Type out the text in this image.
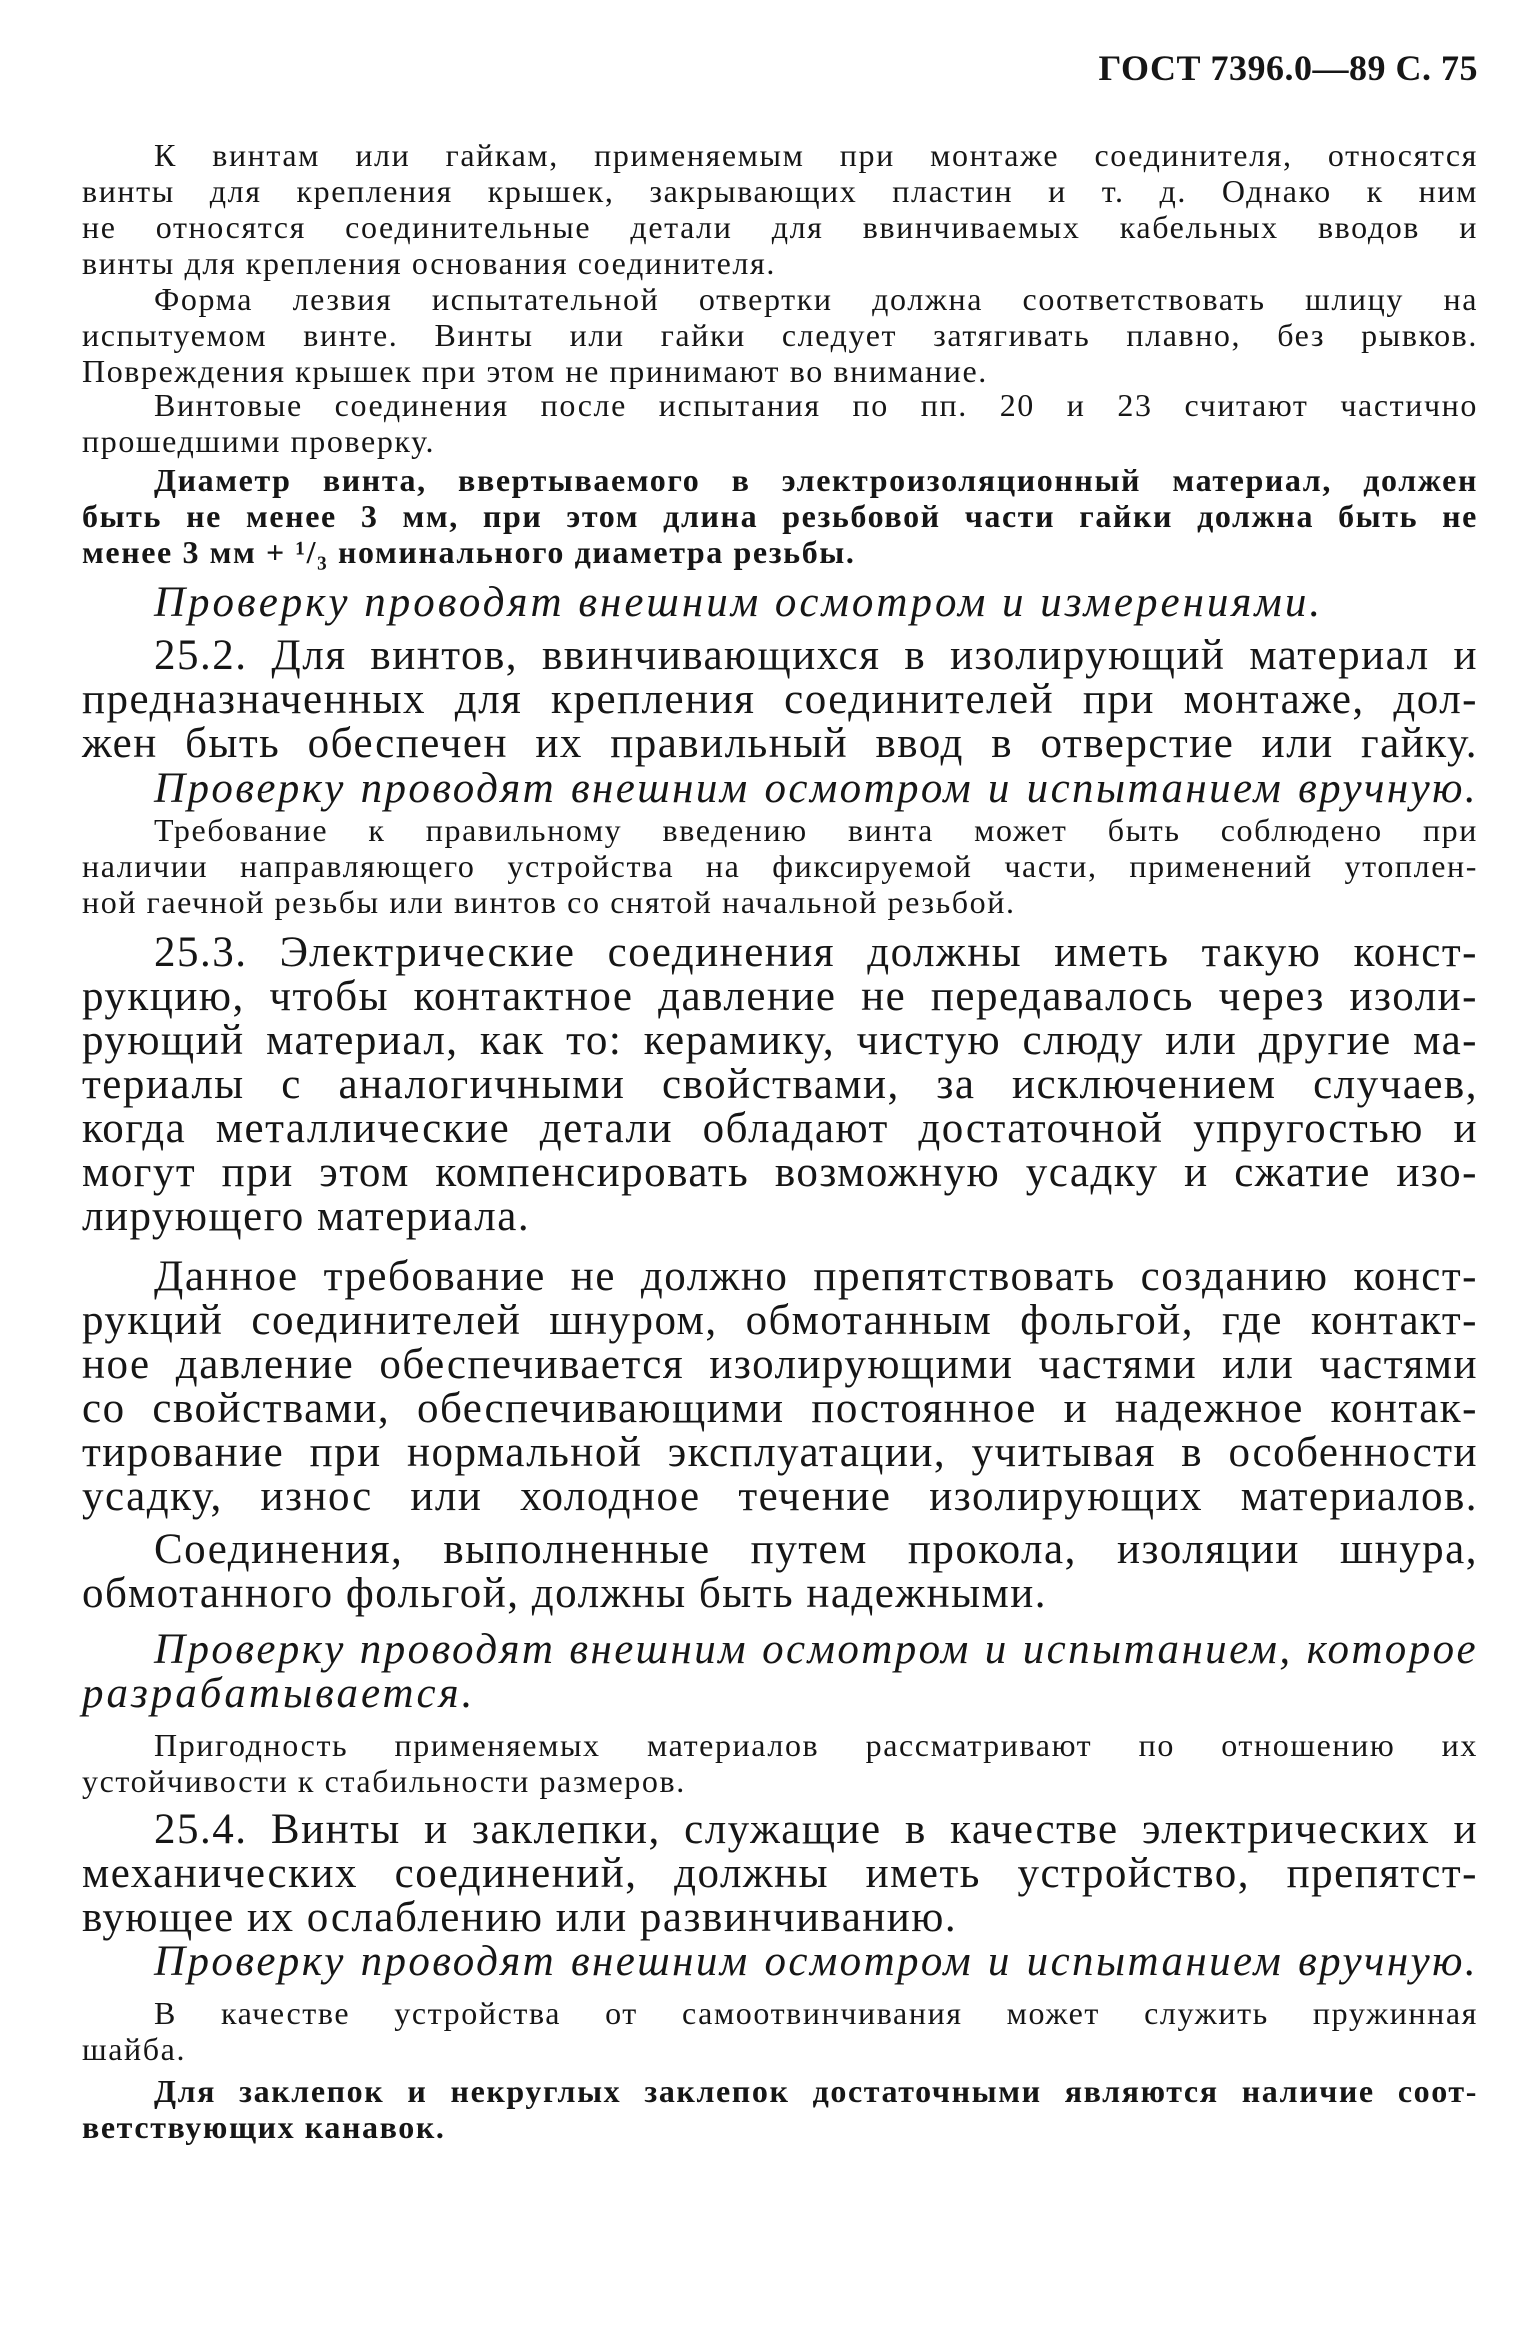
ГОСТ 7396.0—89 С. 75
К винтам или гайкам, применяемым при монтаже соединителя, относятся
винты для крепления крышек, закрывающих пластин и т. д. Однако к ним
не относятся соединительные детали для ввинчиваемых кабельных вводов и
винты для крепления основания соединителя.
Форма лезвия испытательной отвертки должна соответствовать шлицу на
испытуемом винте. Винты или гайки следует затягивать плавно, без рывков.
Повреждения крышек при этом не принимают во внимание.
Винтовые соединения после испытания по пп. 20 и 23 считают частично
прошедшими проверку.
Диаметр винта, ввертываемого в электроизоляционный материал, должен
быть не менее 3 мм, при этом длина резьбовой части гайки должна быть не
менее 3 мм + ¹/₃ номинального диаметра резьбы.
Проверку проводят внешним осмотром и измерениями.
25.2. Для винтов, ввинчивающихся в изолирующий материал и
предназначенных для крепления соединителей при монтаже, дол-
жен быть обеспечен их правильный ввод в отверстие или гайку.
Проверку проводят внешним осмотром и испытанием вручную.
Требование к правильному введению винта может быть соблюдено при
наличии направляющего устройства на фиксируемой части, применений утоплен-
ной гаечной резьбы или винтов со снятой начальной резьбой.
25.3. Электрические соединения должны иметь такую конст-
рукцию, чтобы контактное давление не передавалось через изоли-
рующий материал, как то: керамику, чистую слюду или другие ма-
териалы с аналогичными свойствами, за исключением случаев,
когда металлические детали обладают достаточной упругостью и
могут при этом компенсировать возможную усадку и сжатие изо-
лирующего материала.
Данное требование не должно препятствовать созданию конст-
рукций соединителей шнуром, обмотанным фольгой, где контакт-
ное давление обеспечивается изолирующими частями или частями
со свойствами, обеспечивающими постоянное и надежное контак-
тирование при нормальной эксплуатации, учитывая в особенности
усадку, износ или холодное течение изолирующих материалов.
Соединения, выполненные путем прокола, изоляции шнура,
обмотанного фольгой, должны быть надежными.
Проверку проводят внешним осмотром и испытанием, которое
разрабатывается.
Пригодность применяемых материалов рассматривают по отношению их
устойчивости к стабильности размеров.
25.4. Винты и заклепки, служащие в качестве электрических и
механических соединений, должны иметь устройство, препятст-
вующее их ослаблению или развинчиванию.
Проверку проводят внешним осмотром и испытанием вручную.
В качестве устройства от самоотвинчивания может служить пружинная
шайба.
Для заклепок и некруглых заклепок достаточными являются наличие соот-
ветствующих канавок.
